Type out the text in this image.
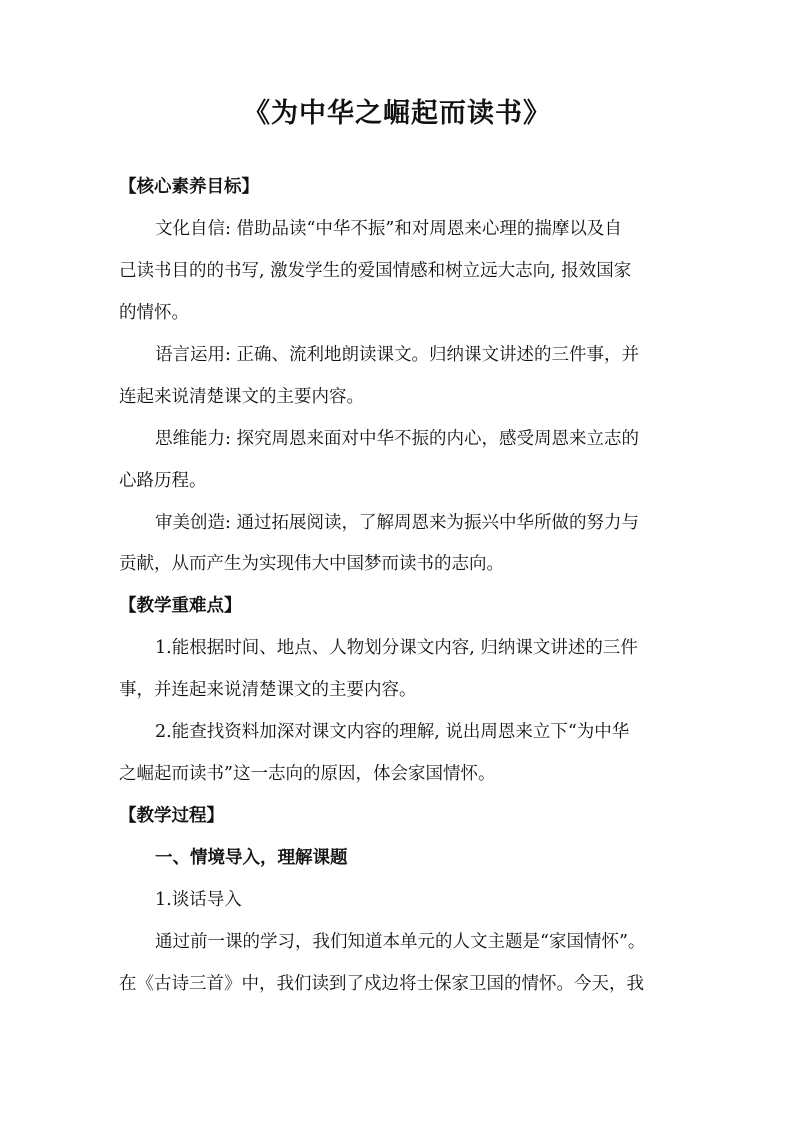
《为中华之崛起而读书》

【核心素养目标】

文化自信: 借助品读“中华不振”和对周恩来心理的揣摩以及自

己读书目的的书写, 激发学生的爱国情感和树立远大志向, 报效国家

的情怀。

语言运用: 正确、流利地朗读课文。归纳课文讲述的三件事，并

连起来说清楚课文的主要内容。

思维能力: 探究周恩来面对中华不振的内心，感受周恩来立志的

心路历程。

审美创造: 通过拓展阅读，了解周恩来为振兴中华所做的努力与

贡献，从而产生为实现伟大中国梦而读书的志向。

【教学重难点】

1.能根据时间、地点、人物划分课文内容, 归纳课文讲述的三件

事，并连起来说清楚课文的主要内容。

2.能查找资料加深对课文内容的理解, 说出周恩来立下“为中华

之崛起而读书”这一志向的原因，体会家国情怀。

【教学过程】

一、情境导入，理解课题

1.谈话导入

通过前一课的学习，我们知道本单元的人文主题是“家国情怀”。

在《古诗三首》中，我们读到了戍边将士保家卫国的情怀。今天，我
